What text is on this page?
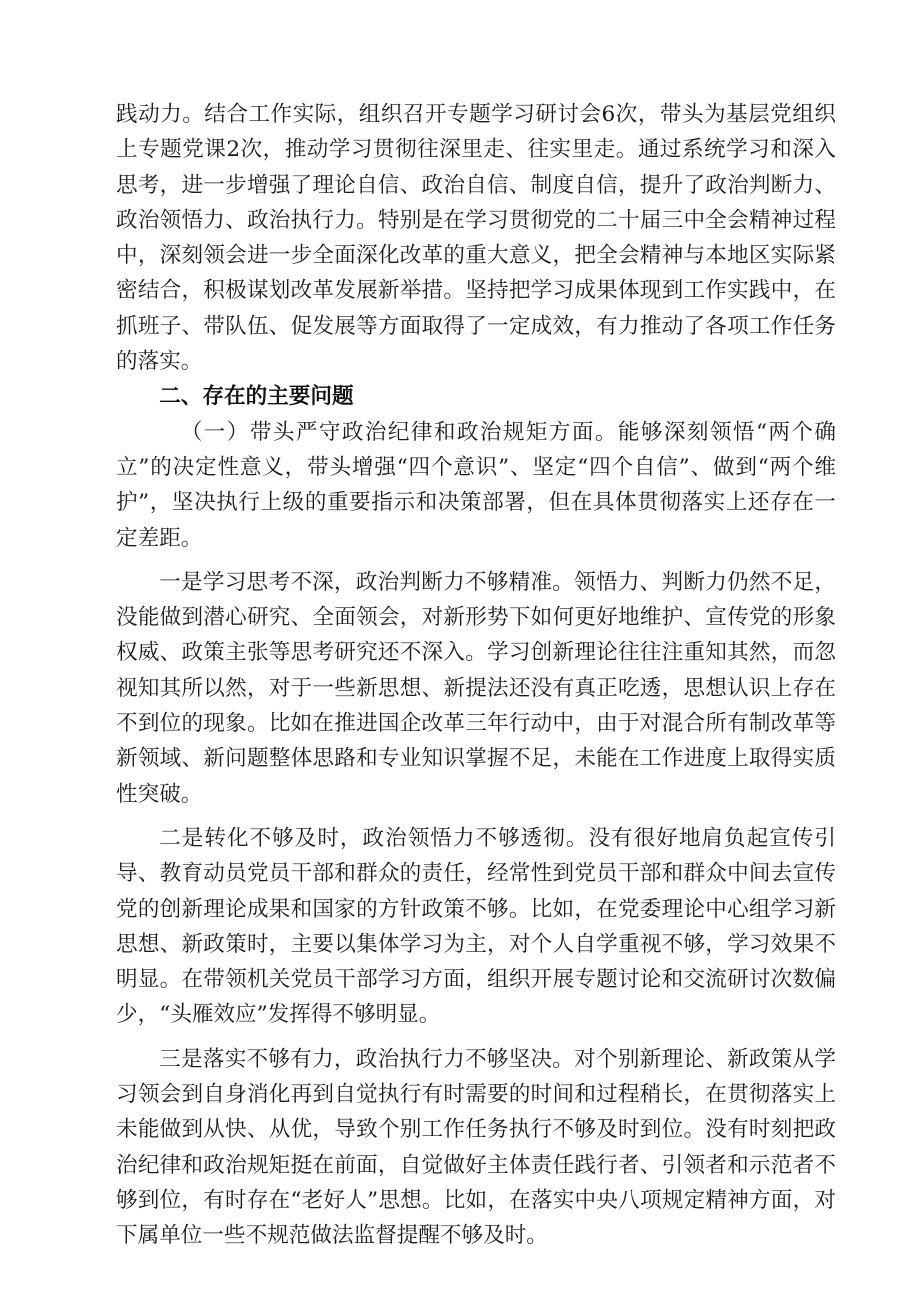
践动力。结合工作实际，组织召开专题学习研讨会6次，带头为基层党组织上专题党课2次，推动学习贯彻往深里走、往实里走。通过系统学习和深入思考，进一步增强了理论自信、政治自信、制度自信，提升了政治判断力、政治领悟力、政治执行力。特别是在学习贯彻党的二十届三中全会精神过程中，深刻领会进一步全面深化改革的重大意义，把全会精神与本地区实际紧密结合，积极谋划改革发展新举措。坚持把学习成果体现到工作实践中，在抓班子、带队伍、促发展等方面取得了一定成效，有力推动了各项工作任务的落实。

二、存在的主要问题

（一）带头严守政治纪律和政治规矩方面。能够深刻领悟“两个确立”的决定性意义，带头增强“四个意识”、坚定“四个自信”、做到“两个维护”，坚决执行上级的重要指示和决策部署，但在具体贯彻落实上还存在一定差距。

一是学习思考不深，政治判断力不够精准。领悟力、判断力仍然不足，没能做到潜心研究、全面领会，对新形势下如何更好地维护、宣传党的形象权威、政策主张等思考研究还不深入。学习创新理论往往注重知其然，而忽视知其所以然，对于一些新思想、新提法还没有真正吃透，思想认识上存在不到位的现象。比如在推进国企改革三年行动中，由于对混合所有制改革等新领域、新问题整体思路和专业知识掌握不足，未能在工作进度上取得实质性突破。

二是转化不够及时，政治领悟力不够透彻。没有很好地肩负起宣传引导、教育动员党员干部和群众的责任，经常性到党员干部和群众中间去宣传党的创新理论成果和国家的方针政策不够。比如，在党委理论中心组学习新思想、新政策时，主要以集体学习为主，对个人自学重视不够，学习效果不明显。在带领机关党员干部学习方面，组织开展专题讨论和交流研讨次数偏少，“头雁效应”发挥得不够明显。

三是落实不够有力，政治执行力不够坚决。对个别新理论、新政策从学习领会到自身消化再到自觉执行有时需要的时间和过程稍长，在贯彻落实上未能做到从快、从优，导致个别工作任务执行不够及时到位。没有时刻把政治纪律和政治规矩挺在前面，自觉做好主体责任践行者、引领者和示范者不够到位，有时存在“老好人”思想。比如，在落实中央八项规定精神方面，对下属单位一些不规范做法监督提醒不够及时。
